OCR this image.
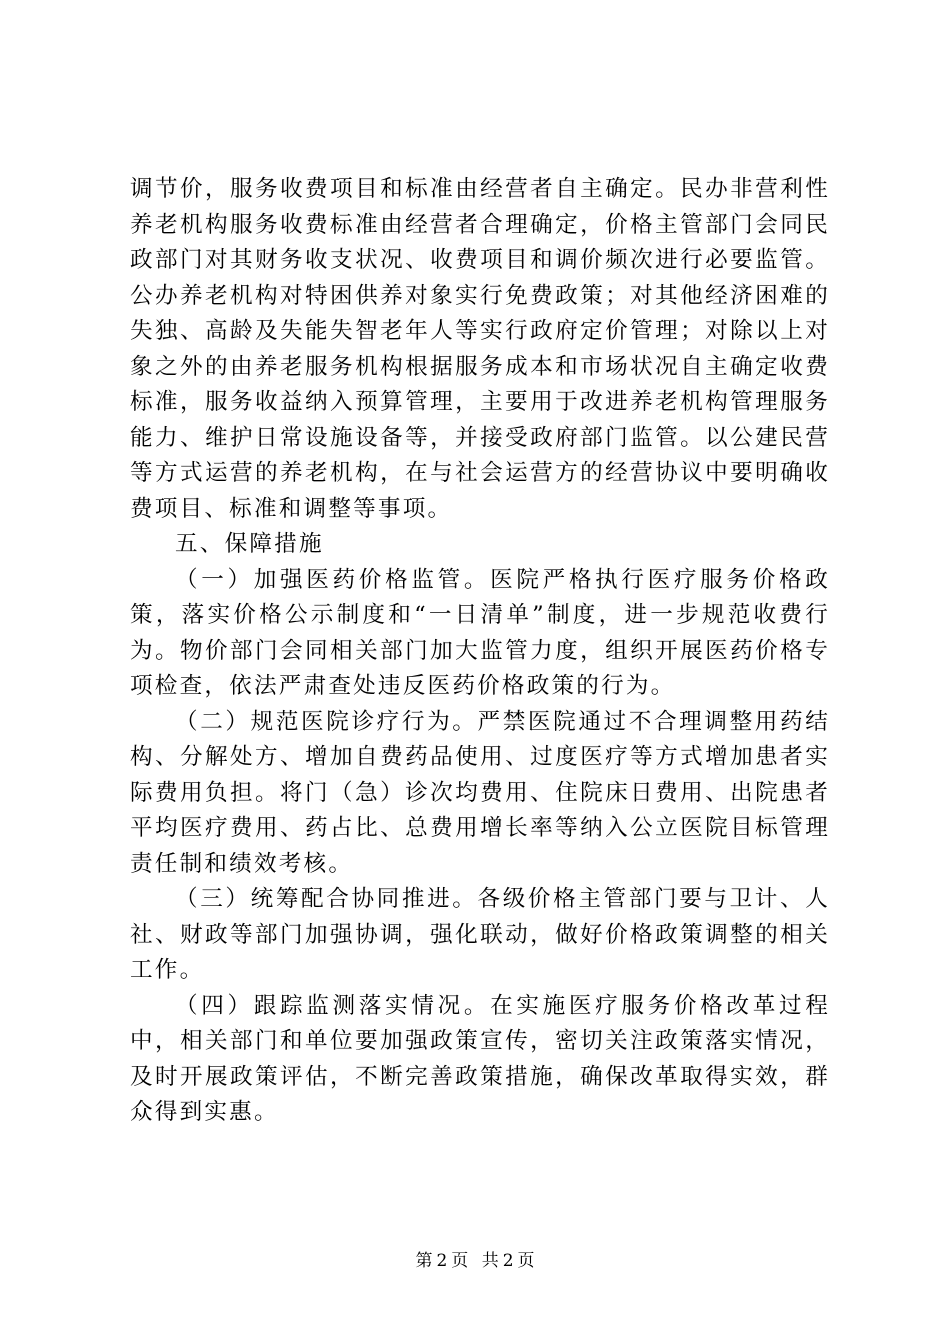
调节价，服务收费项目和标准由经营者自主确定。民办非营利性养老机构服务收费标准由经营者合理确定，价格主管部门会同民政部门对其财务收支状况、收费项目和调价频次进行必要监管。公办养老机构对特困供养对象实行免费政策；对其他经济困难的失独、高龄及失能失智老年人等实行政府定价管理；对除以上对象之外的由养老服务机构根据服务成本和市场状况自主确定收费标准，服务收益纳入预算管理，主要用于改进养老机构管理服务能力、维护日常设施设备等，并接受政府部门监管。以公建民营等方式运营的养老机构，在与社会运营方的经营协议中要明确收费项目、标准和调整等事项。

五、保障措施

（一）加强医药价格监管。医院严格执行医疗服务价格政策，落实价格公示制度和“一日清单”制度，进一步规范收费行为。物价部门会同相关部门加大监管力度，组织开展医药价格专项检查，依法严肃查处违反医药价格政策的行为。

（二）规范医院诊疗行为。严禁医院通过不合理调整用药结构、分解处方、增加自费药品使用、过度医疗等方式增加患者实际费用负担。将门（急）诊次均费用、住院床日费用、出院患者平均医疗费用、药占比、总费用增长率等纳入公立医院目标管理责任制和绩效考核。

（三）统筹配合协同推进。各级价格主管部门要与卫计、人社、财政等部门加强协调，强化联动，做好价格政策调整的相关工作。

（四）跟踪监测落实情况。在实施医疗服务价格改革过程中，相关部门和单位要加强政策宣传，密切关注政策落实情况，及时开展政策评估，不断完善政策措施，确保改革取得实效，群众得到实惠。

第 2 页 共 2 页
